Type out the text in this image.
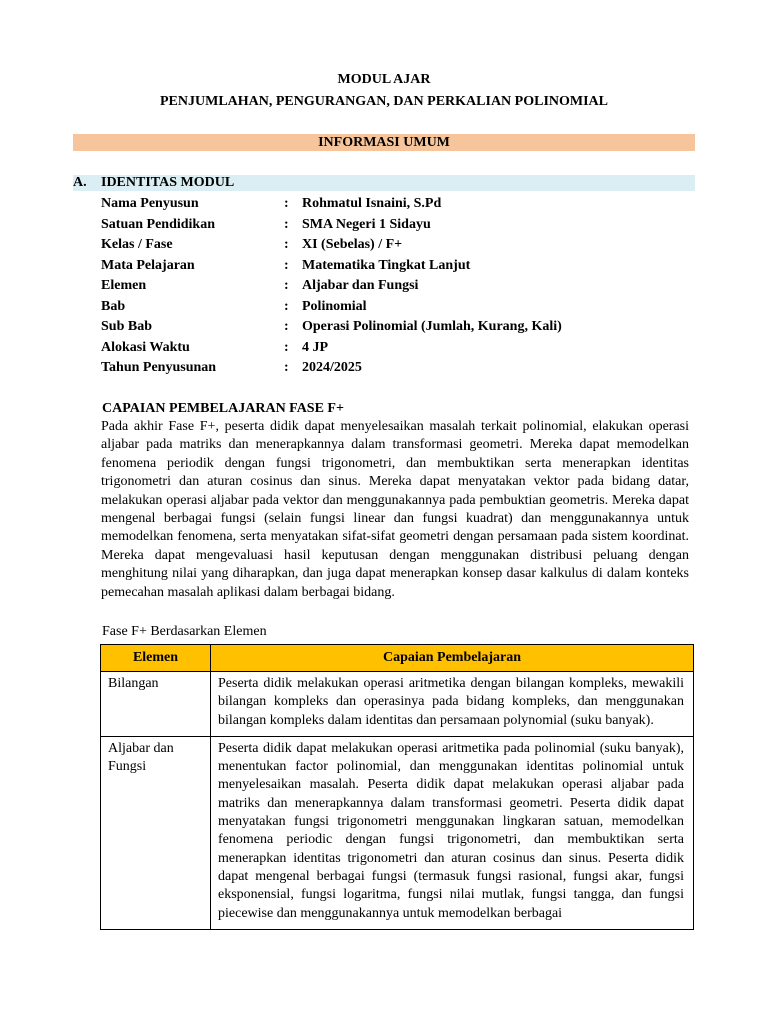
MODUL AJAR
PENJUMLAHAN, PENGURANGAN, DAN PERKALIAN POLINOMIAL
INFORMASI UMUM
A. IDENTITAS MODUL
Nama Penyusun	: Rohmatul Isnaini, S.Pd
Satuan Pendidikan	: SMA Negeri 1 Sidayu
Kelas / Fase	: XI (Sebelas) / F+
Mata Pelajaran	: Matematika Tingkat Lanjut
Elemen	: Aljabar dan Fungsi
Bab	: Polinomial
Sub Bab	: Operasi Polinomial (Jumlah, Kurang, Kali)
Alokasi Waktu	: 4 JP
Tahun Penyusunan	: 2024/2025
CAPAIAN PEMBELAJARAN FASE F+
Pada akhir Fase F+, peserta didik dapat menyelesaikan masalah terkait polinomial, elakukan operasi aljabar pada matriks dan menerapkannya dalam transformasi geometri. Mereka dapat memodelkan fenomena periodik dengan fungsi trigonometri, dan membuktikan serta menerapkan identitas trigonometri dan aturan cosinus dan sinus. Mereka dapat menyatakan vektor pada bidang datar, melakukan operasi aljabar pada vektor dan menggunakannya pada pembuktian geometris. Mereka dapat mengenal berbagai fungsi (selain fungsi linear dan fungsi kuadrat) dan menggunakannya untuk memodelkan fenomena, serta menyatakan sifat-sifat geometri dengan persamaan pada sistem koordinat. Mereka dapat mengevaluasi hasil keputusan dengan menggunakan distribusi peluang dengan menghitung nilai yang diharapkan, dan juga dapat menerapkan konsep dasar kalkulus di dalam konteks pemecahan masalah aplikasi dalam berbagai bidang.
Fase F+ Berdasarkan Elemen
Elemen	Capaian Pembelajaran
Bilangan	Peserta didik melakukan operasi aritmetika dengan bilangan kompleks, mewakili bilangan kompleks dan operasinya pada bidang kompleks, dan menggunakan bilangan kompleks dalam identitas dan persamaan polynomial (suku banyak).
Aljabar dan Fungsi	Peserta didik dapat melakukan operasi aritmetika pada polinomial (suku banyak), menentukan factor polinomial, dan menggunakan identitas polinomial untuk menyelesaikan masalah. Peserta didik dapat melakukan operasi aljabar pada matriks dan menerapkannya dalam transformasi geometri. Peserta didik dapat menyatakan fungsi trigonometri menggunakan lingkaran satuan, memodelkan fenomena periodic dengan fungsi trigonometri, dan membuktikan serta menerapkan identitas trigonometri dan aturan cosinus dan sinus. Peserta didik dapat mengenal berbagai fungsi (termasuk fungsi rasional, fungsi akar, fungsi eksponensial, fungsi logaritma, fungsi nilai mutlak, fungsi tangga, dan fungsi piecewise dan menggunakannya untuk memodelkan berbagai
